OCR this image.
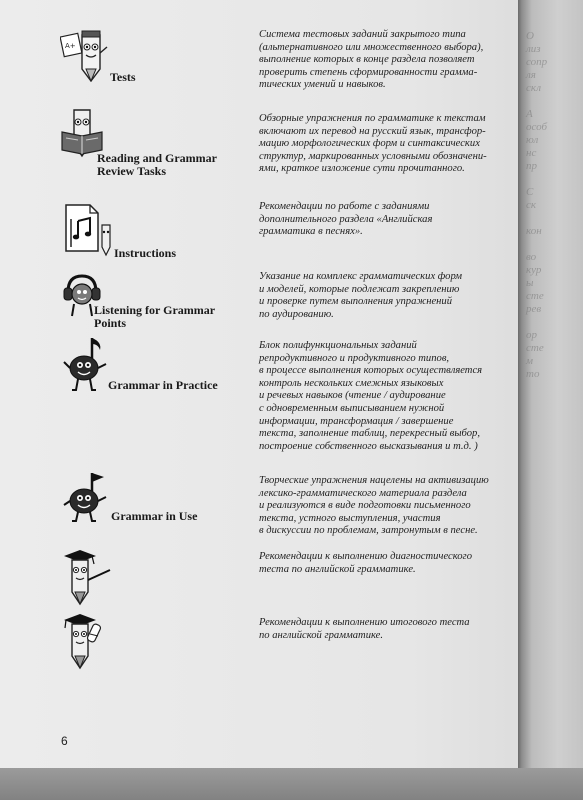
A+
Tests
Система тестовых заданий закрытого типа
(альтернативного или множественного выбора),
выполнение которых в конце раздела позволяет
проверить степень сформированности грамма-
тических умений и навыков.
Reading and Grammar
Review Tasks
Обзорные упражнения по грамматике к текстам
включают их перевод на русский язык, трансфор-
мацию морфологических форм и синтаксических
структур, маркированных условными обозначени-
ями, краткое изложение сути прочитанного.
Instructions
Рекомендации по работе с заданиями
дополнительного раздела «Английская
грамматика в песнях».
Listening for Grammar
Points
Указание на комплекс грамматических форм
и моделей, которые подлежат закреплению
и проверке путем выполнения упражнений
по аудированию.
Grammar in Practice
Блок полифункциональных заданий
репродуктивного и продуктивного типов,
в процессе выполнения которых осуществляется
контроль нескольких смежных языковых
и речевых навыков (чтение / аудирование
с одновременным выписыванием нужной
информации, трансформация / завершение
текста, заполнение таблиц, перекресный выбор,
построение собственного высказывания и т.д. )
Grammar in Use
Творческие упражнения нацелены на активизацию
лексико-грамматического материала раздела
и реализуются в виде подготовки письменного
текста, устного выступления, участия
в дискуссии по проблемам, затронутым в песне.
Рекомендации к выполнению диагностического
теста по английской грамматике.
Рекомендации к выполнению итогового теста
по английской грамматике.
6
O
лиз
сопр
ля
скл

А
особ
юл
нс
пр

С
ск

кон

во
кур
ы
сте
рев

ор
сте
м
то
